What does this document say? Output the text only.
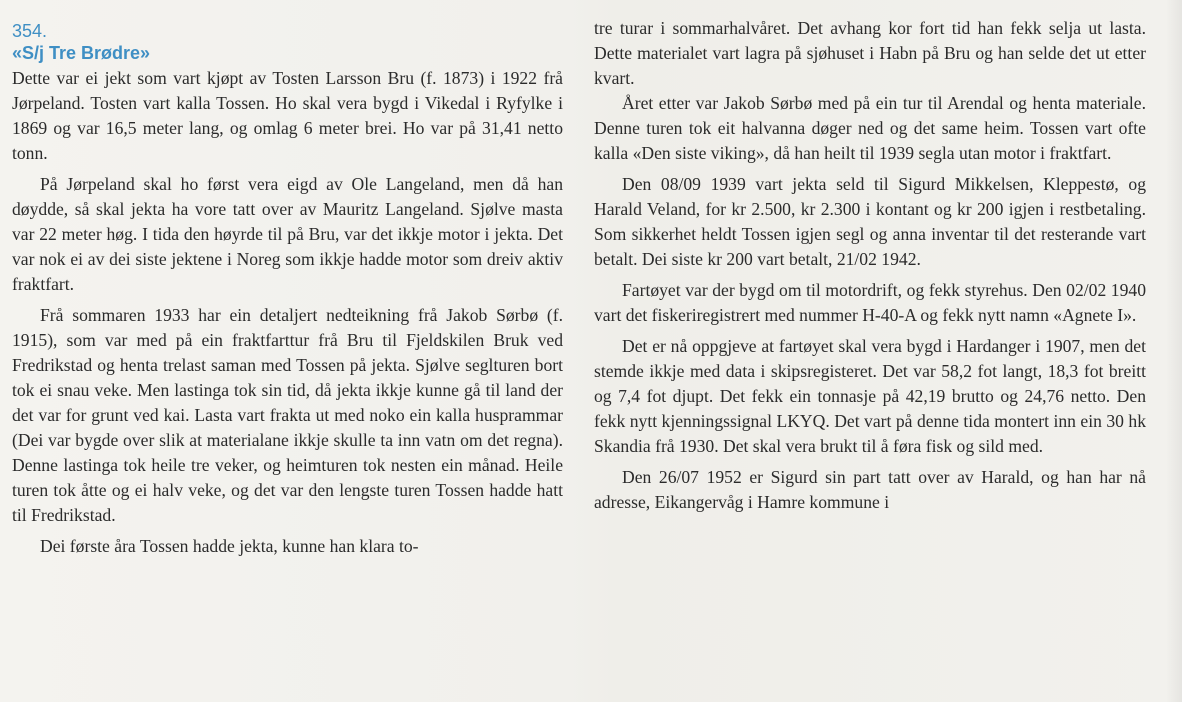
354.
«S/j Tre Brødre»

Dette var ei jekt som vart kjøpt av Tosten Larsson Bru (f. 1873) i 1922 frå Jørpeland. Tosten vart kalla Tossen. Ho skal vera bygd i Vikedal i Ryfylke i 1869 og var 16,5 meter lang, og omlag 6 meter brei. Ho var på 31,41 netto tonn.

På Jørpeland skal ho først vera eigd av Ole Langeland, men då han døydde, så skal jekta ha vore tatt over av Mauritz Langeland. Sjølve masta var 22 meter høg. I tida den høyrde til på Bru, var det ikkje motor i jekta. Det var nok ei av dei siste jektene i Noreg som ikkje hadde motor som dreiv aktiv fraktfart.

Frå sommaren 1933 har ein detaljert nedteikning frå Jakob Sørbø (f. 1915), som var med på ein fraktfarttur frå Bru til Fjeldskilen Bruk ved Fredrikstad og henta trelast saman med Tossen på jekta. Sjølve seglturen bort tok ei snau veke. Men lastinga tok sin tid, då jekta ikkje kunne gå til land der det var for grunt ved kai. Lasta vart frakta ut med noko ein kalla husprammar (Dei var bygde over slik at materialane ikkje skulle ta inn vatn om det regna). Denne lastinga tok heile tre veker, og heimturen tok nesten ein månad. Heile turen tok åtte og ei halv veke, og det var den lengste turen Tossen hadde hatt til Fredrikstad.

Dei første åra Tossen hadde jekta, kunne han klara to-

tre turar i sommarhalvåret. Det avhang kor fort tid han fekk selja ut lasta. Dette materialet vart lagra på sjøhuset i Habn på Bru og han selde det ut etter kvart.

Året etter var Jakob Sørbø med på ein tur til Arendal og henta materiale. Denne turen tok eit halvanna døger ned og det same heim. Tossen vart ofte kalla «Den siste viking», då han heilt til 1939 segla utan motor i fraktfart.

Den 08/09 1939 vart jekta seld til Sigurd Mikkelsen, Kleppestø, og Harald Veland, for kr 2.500, kr 2.300 i kontant og kr 200 igjen i restbetaling. Som sikkerhet heldt Tossen igjen segl og anna inventar til det resterande vart betalt. Dei siste kr 200 vart betalt, 21/02 1942.

Fartøyet var der bygd om til motordrift, og fekk styrehus. Den 02/02 1940 vart det fiskeriregistrert med nummer H-40-A og fekk nytt namn «Agnete I».

Det er nå oppgjeve at fartøyet skal vera bygd i Hardanger i 1907, men det stemde ikkje med data i skipsregisteret. Det var 58,2 fot langt, 18,3 fot breitt og 7,4 fot djupt. Det fekk ein tonnasje på 42,19 brutto og 24,76 netto. Den fekk nytt kjenningssignal LKYQ. Det vart på denne tida montert inn ein 30 hk Skandia frå 1930. Det skal vera brukt til å føra fisk og sild med.

Den 26/07 1952 er Sigurd sin part tatt over av Harald, og han har nå adresse, Eikangervåg i Hamre kommune i
